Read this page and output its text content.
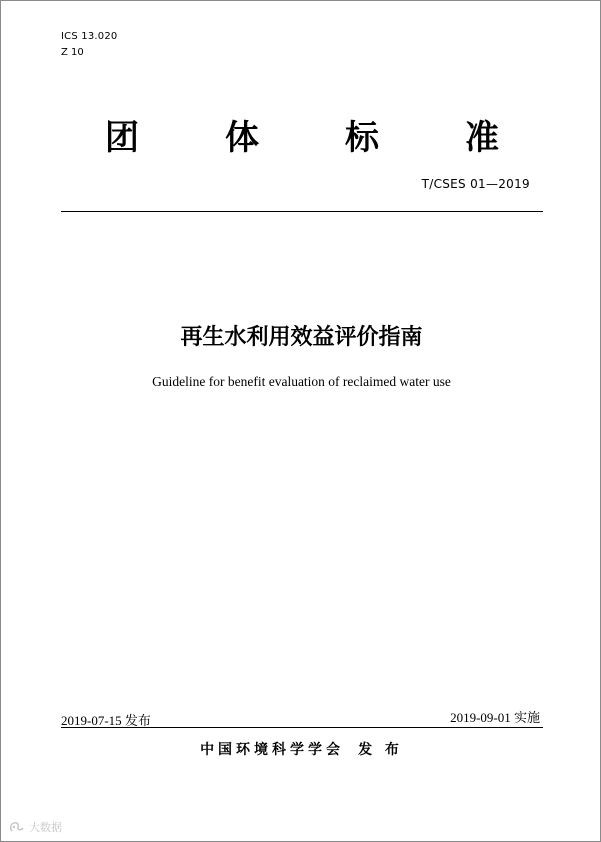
ICS 13.020
Z 10
团	体	标	准
T/CSES 01—2019
再生水利用效益评价指南
Guideline for benefit evaluation of reclaimed water use
2019-07-15 发布	2019-09-01 实施
中国环境科学学会 发 布
大数据
